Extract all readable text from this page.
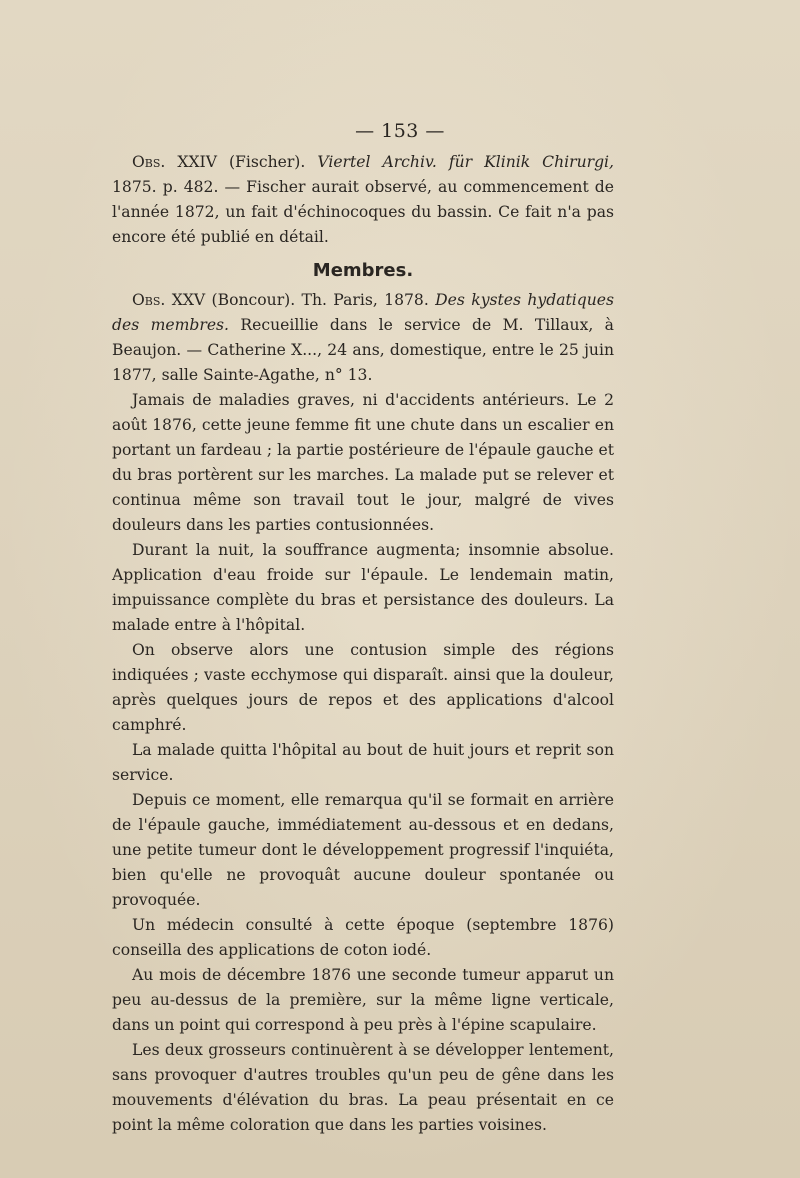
— 153 —

Obs. XXIV (Fischer). Viertel Archiv. für Klinik Chirurgi, 1875. p. 482. — Fischer aurait observé, au commencement de l'année 1872, un fait d'échinocoques du bassin. Ce fait n'a pas encore été publié en détail.

Membres.

Obs. XXV (Boncour). Th. Paris, 1878. Des kystes hydatiques des membres. Recueillie dans le service de M. Tillaux, à Beaujon. — Catherine X..., 24 ans, domestique, entre le 25 juin 1877, salle Sainte-Agathe, n° 13.

Jamais de maladies graves, ni d'accidents antérieurs. Le 2 août 1876, cette jeune femme fit une chute dans un escalier en portant un fardeau ; la partie postérieure de l'épaule gauche et du bras portèrent sur les marches. La malade put se relever et continua même son travail tout le jour, malgré de vives douleurs dans les parties contusionnées.

Durant la nuit, la souffrance augmenta; insomnie absolue. Application d'eau froide sur l'épaule. Le lendemain matin, impuissance complète du bras et persistance des douleurs. La malade entre à l'hôpital.

On observe alors une contusion simple des régions indiquées ; vaste ecchymose qui disparaît. ainsi que la douleur, après quelques jours de repos et des applications d'alcool camphré.

La malade quitta l'hôpital au bout de huit jours et reprit son service.

Depuis ce moment, elle remarqua qu'il se formait en arrière de l'épaule gauche, immédiatement au-dessous et en dedans, une petite tumeur dont le développement progressif l'inquiéta, bien qu'elle ne provoquât aucune douleur spontanée ou provoquée.

Un médecin consulté à cette époque (septembre 1876) conseilla des applications de coton iodé.

Au mois de décembre 1876 une seconde tumeur apparut un peu au-dessus de la première, sur la même ligne verticale, dans un point qui correspond à peu près à l'épine scapulaire.

Les deux grosseurs continuèrent à se développer lentement, sans provoquer d'autres troubles qu'un peu de gêne dans les mouvements d'élévation du bras. La peau présentait en ce point la même coloration que dans les parties voisines.
